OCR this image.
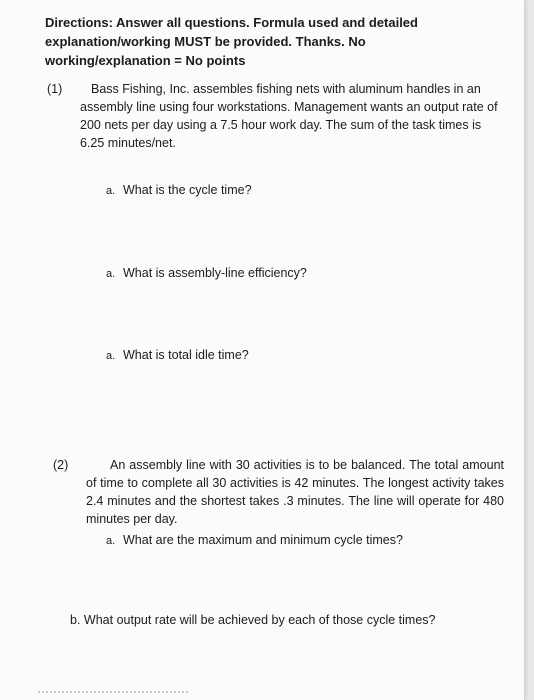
Directions: Answer all questions. Formula used and detailed explanation/working MUST be provided. Thanks. No working/explanation = No points
(1)	Bass Fishing, Inc. assembles fishing nets with aluminum handles in an assembly line using four workstations. Management wants an output rate of 200 nets per day using a 7.5 hour work day. The sum of the task times is 6.25 minutes/net.
a. What is the cycle time?
a. What is assembly-line efficiency?
a. What is total idle time?
(2)	An assembly line with 30 activities is to be balanced. The total amount of time to complete all 30 activities is 42 minutes. The longest activity takes 2.4 minutes and the shortest takes .3 minutes. The line will operate for 480 minutes per day.
a. What are the maximum and minimum cycle times?
b. What output rate will be achieved by each of those cycle times?
